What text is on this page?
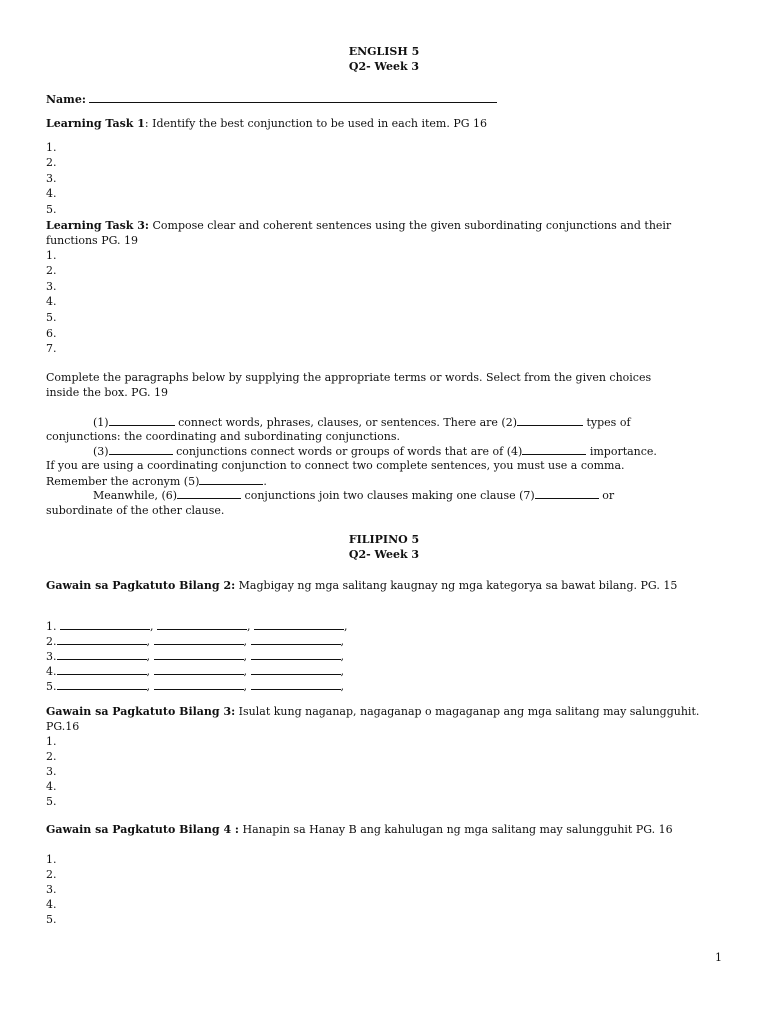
ENGLISH 5
Q2- Week 3
Name:
Learning Task 1: Identify the best conjunction to be used in each item. PG 16
1.
2.
3.
4.
5.
Learning Task 3: Compose clear and coherent sentences using the given subordinating conjunctions and their functions PG. 19
1.
2.
3.
4.
5.
6.
7.
Complete the paragraphs below by supplying the appropriate terms or words. Select from the given choices inside the box. PG. 19
(1)	connect words, phrases, clauses, or sentences. There are (2)	types of
conjunctions: the coordinating and subordinating conjunctions.
(3)	conjunctions connect words or groups of words that are of (4)	importance.
If you are using a coordinating conjunction to connect two complete sentences, you must use a comma.
Remember the acronym (5)	.
Meanwhile, (6)	conjunctions join two clauses making one clause (7)	or
subordinate of the other clause.
FILIPINO 5
Q2- Week 3
Gawain sa Pagkatuto Bilang 2: Magbigay ng mga salitang kaugnay ng mga kategorya sa bawat bilang. PG. 15
1.	,	,	,
2.	,	,	,
3.	,	,	,
4.	,	,	,
5.	,	,	,
Gawain sa Pagkatuto Bilang 3: Isulat kung naganap, nagaganap o magaganap ang mga salitang may salungguhit. PG.16
1.
2.
3.
4.
5.
Gawain sa Pagkatuto Bilang 4 : Hanapin sa Hanay B ang kahulugan ng mga salitang may salungguhit PG. 16
1.
2.
3.
4.
5.
1
